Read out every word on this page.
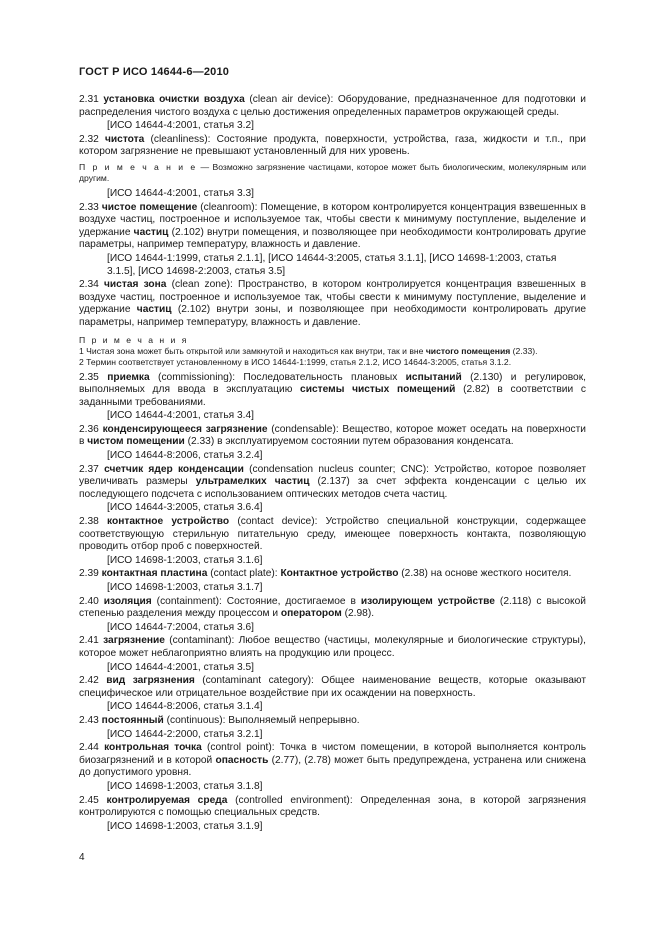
ГОСТ Р ИСО 14644-6—2010

2.31 установка очистки воздуха (clean air device): Оборудование, предназначенное для подготовки и распределения чистого воздуха с целью достижения определенных параметров окружающей среды.

[ИСО 14644-4:2001, статья 3.2]

2.32 чистота (cleanliness): Состояние продукта, поверхности, устройства, газа, жидкости и т.п., при котором загрязнение не превышают установленный для них уровень.

П р и м е ч а н и е — Возможно загрязнение частицами, которое может быть биологическим, молекулярным или другим.

[ИСО 14644-4:2001, статья 3.3]

2.33 чистое помещение (cleanroom): Помещение, в котором контролируется концентрация взвешенных в воздухе частиц, построенное и используемое так, чтобы свести к минимуму поступление, выделение и удержание частиц (2.102) внутри помещения, и позволяющее при необходимости контролировать другие параметры, например температуру, влажность и давление.

[ИСО 14644-1:1999, статья 2.1.1], [ИСО 14644-3:2005, статья 3.1.1], [ИСО 14698-1:2003, статья 3.1.5], [ИСО 14698-2:2003, статья 3.5]

2.34 чистая зона (clean zone): Пространство, в котором контролируется концентрация взвешенных в воздухе частиц, построенное и используемое так, чтобы свести к минимуму поступление, выделение и удержание частиц (2.102) внутри зоны, и позволяющее при необходимости контролировать другие параметры, например температуру, влажность и давление.

П р и м е ч а н и я
1 Чистая зона может быть открытой или замкнутой и находиться как внутри, так и вне чистого помещения (2.33).
2 Термин соответствует установленному в ИСО 14644-1:1999, статья 2.1.2, ИСО 14644-3:2005, статья 3.1.2.

2.35 приемка (commissioning): Последовательность плановых испытаний (2.130) и регулировок, выполняемых для ввода в эксплуатацию системы чистых помещений (2.82) в соответствии с заданными требованиями.

[ИСО 14644-4:2001, статья 3.4]

2.36 конденсирующееся загрязнение (condensable): Вещество, которое может оседать на поверхности в чистом помещении (2.33) в эксплуатируемом состоянии путем образования конденсата.

[ИСО 14644-8:2006, статья 3.2.4]

2.37 счетчик ядер конденсации (condensation nucleus counter; CNC): Устройство, которое позволяет увеличивать размеры ультрамелких частиц (2.137) за счет эффекта конденсации с целью их последующего подсчета с использованием оптических методов счета частиц.

[ИСО 14644-3:2005, статья 3.6.4]

2.38 контактное устройство (contact device): Устройство специальной конструкции, содержащее соответствующую стерильную питательную среду, имеющее поверхность контакта, позволяющую проводить отбор проб с поверхностей.

[ИСО 14698-1:2003, статья 3.1.6]

2.39 контактная пластина (contact plate): Контактное устройство (2.38) на основе жесткого носителя.

[ИСО 14698-1:2003, статья 3.1.7]

2.40 изоляция (containment): Состояние, достигаемое в изолирующем устройстве (2.118) с высокой степенью разделения между процессом и оператором (2.98).

[ИСО 14644-7:2004, статья 3.6]

2.41 загрязнение (contaminant): Любое вещество (частицы, молекулярные и биологические структуры), которое может неблагоприятно влиять на продукцию или процесс.

[ИСО 14644-4:2001, статья 3.5]

2.42 вид загрязнения (contaminant category): Общее наименование веществ, которые оказывают специфическое или отрицательное воздействие при их осаждении на поверхность.

[ИСО 14644-8:2006, статья 3.1.4]

2.43 постоянный (continuous): Выполняемый непрерывно.

[ИСО 14644-2:2000, статья 3.2.1]

2.44 контрольная точка (control point): Точка в чистом помещении, в которой выполняется контроль биозагрязнений и в которой опасность (2.77), (2.78) может быть предупреждена, устранена или снижена до допустимого уровня.

[ИСО 14698-1:2003, статья 3.1.8]

2.45 контролируемая среда (controlled environment): Определенная зона, в которой загрязнения контролируются с помощью специальных средств.

[ИСО 14698-1:2003, статья 3.1.9]

4
